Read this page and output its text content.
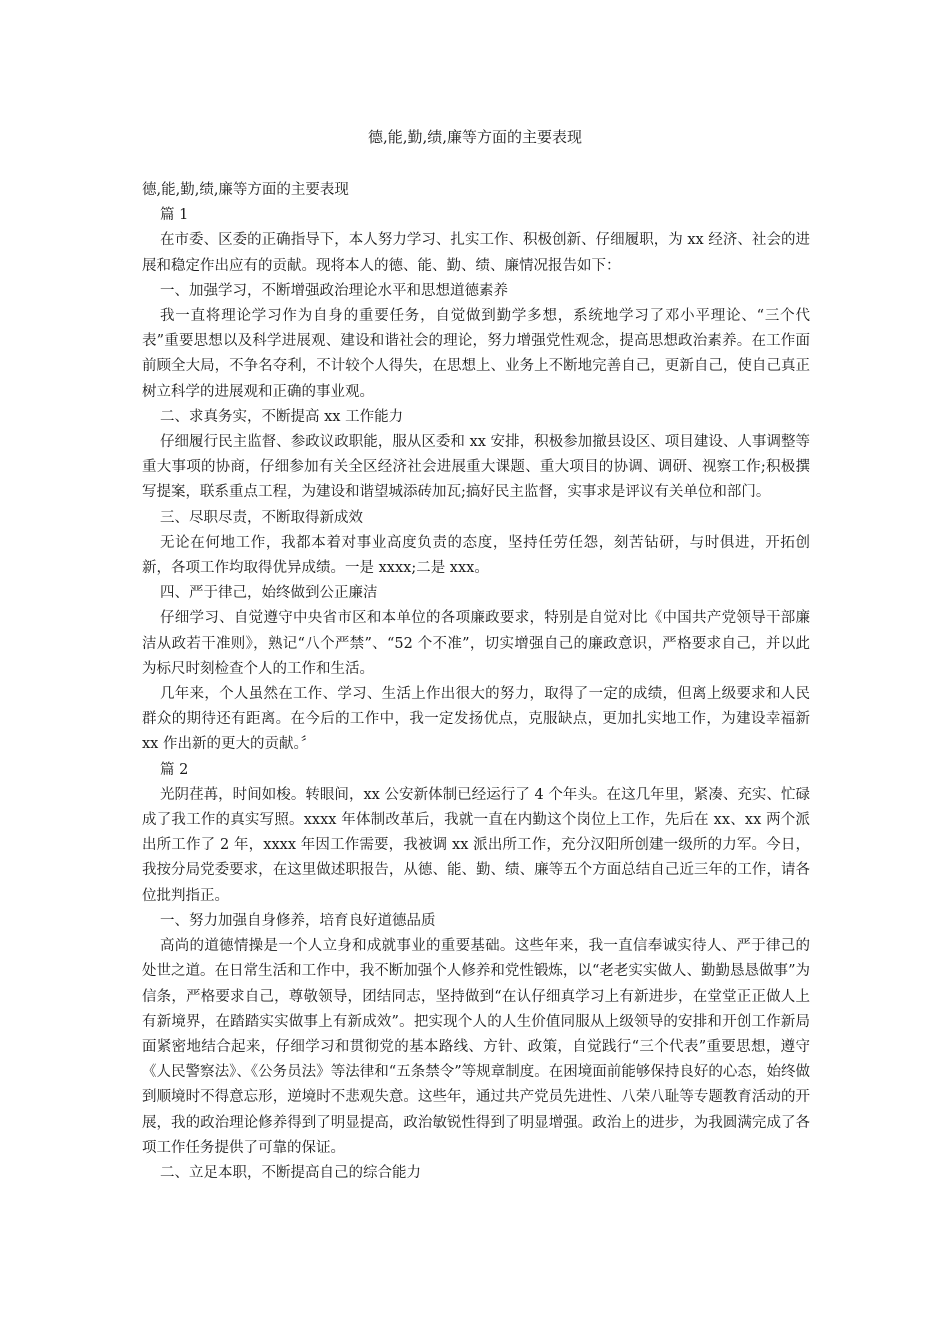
德,能,勤,绩,廉等方面的主要表现

德,能,勤,绩,廉等方面的主要表现

篇 1

在市委、区委的正确指导下，本人努力学习、扎实工作、积极创新、仔细履职，为 xx 经济、社会的进展和稳定作出应有的贡献。现将本人的德、能、勤、绩、廉情况报告如下：

一、加强学习，不断增强政治理论水平和思想道德素养

我一直将理论学习作为自身的重要任务，自觉做到勤学多想，系统地学习了邓小平理论、“三个代表”重要思想以及科学进展观、建设和谐社会的理论，努力增强党性观念，提高思想政治素养。在工作面前顾全大局，不争名夺利，不计较个人得失，在思想上、业务上不断地完善自己，更新自己，使自己真正树立科学的进展观和正确的事业观。

二、求真务实，不断提高 xx 工作能力

仔细履行民主监督、参政议政职能，服从区委和 xx 安排，积极参加撤县设区、项目建设、人事调整等重大事项的协商，仔细参加有关全区经济社会进展重大课题、重大项目的协调、调研、视察工作;积极撰写提案，联系重点工程，为建设和谐望城添砖加瓦;搞好民主监督，实事求是评议有关单位和部门。

三、尽职尽责，不断取得新成效

无论在何地工作，我都本着对事业高度负责的态度，坚持任劳任怨，刻苦钻研，与时俱进，开拓创新，各项工作均取得优异成绩。一是 xxxx;二是 xxx。

四、严于律己，始终做到公正廉洁

仔细学习、自觉遵守中央省市区和本单位的各项廉政要求，特别是自觉对比《中国共产党领导干部廉洁从政若干准则》，熟记“八个严禁”、“52 个不准”，切实增强自己的廉政意识，严格要求自己，并以此为标尺时刻检查个人的工作和生活。

几年来，个人虽然在工作、学习、生活上作出很大的努力，取得了一定的成绩，但离上级要求和人民群众的期待还有距离。在今后的工作中，我一定发扬优点，克服缺点，更加扎实地工作，为建设幸福新 xx 作出新的更大的贡献。〞

篇 2

光阴荏苒，时间如梭。转眼间，xx 公安新体制已经运行了 4 个年头。在这几年里，紧凑、充实、忙碌成了我工作的真实写照。xxxx 年体制改革后，我就一直在内勤这个岗位上工作，先后在 xx、xx 两个派出所工作了 2 年，xxxx 年因工作需要，我被调 xx 派出所工作，充分汉阳所创建一级所的力军。今日，我按分局党委要求，在这里做述职报告，从德、能、勤、绩、廉等五个方面总结自己近三年的工作，请各位批判指正。

一、努力加强自身修养，培育良好道德品质

高尚的道德情操是一个人立身和成就事业的重要基础。这些年来，我一直信奉诚实待人、严于律己的处世之道。在日常生活和工作中，我不断加强个人修养和党性锻炼，以“老老实实做人、勤勤恳恳做事”为信条，严格要求自己，尊敬领导，团结同志，坚持做到“在认仔细真学习上有新进步，在堂堂正正做人上有新境界，在踏踏实实做事上有新成效”。把实现个人的人生价值同服从上级领导的安排和开创工作新局面紧密地结合起来，仔细学习和贯彻党的基本路线、方针、政策，自觉践行“三个代表”重要思想，遵守《人民警察法》、《公务员法》等法律和“五条禁令”等规章制度。在困境面前能够保持良好的心态，始终做到顺境时不得意忘形，逆境时不悲观失意。这些年，通过共产党员先进性、八荣八耻等专题教育活动的开展，我的政治理论修养得到了明显提高，政治敏锐性得到了明显增强。政治上的进步，为我圆满完成了各项工作任务提供了可靠的保证。

二、立足本职，不断提高自己的综合能力
